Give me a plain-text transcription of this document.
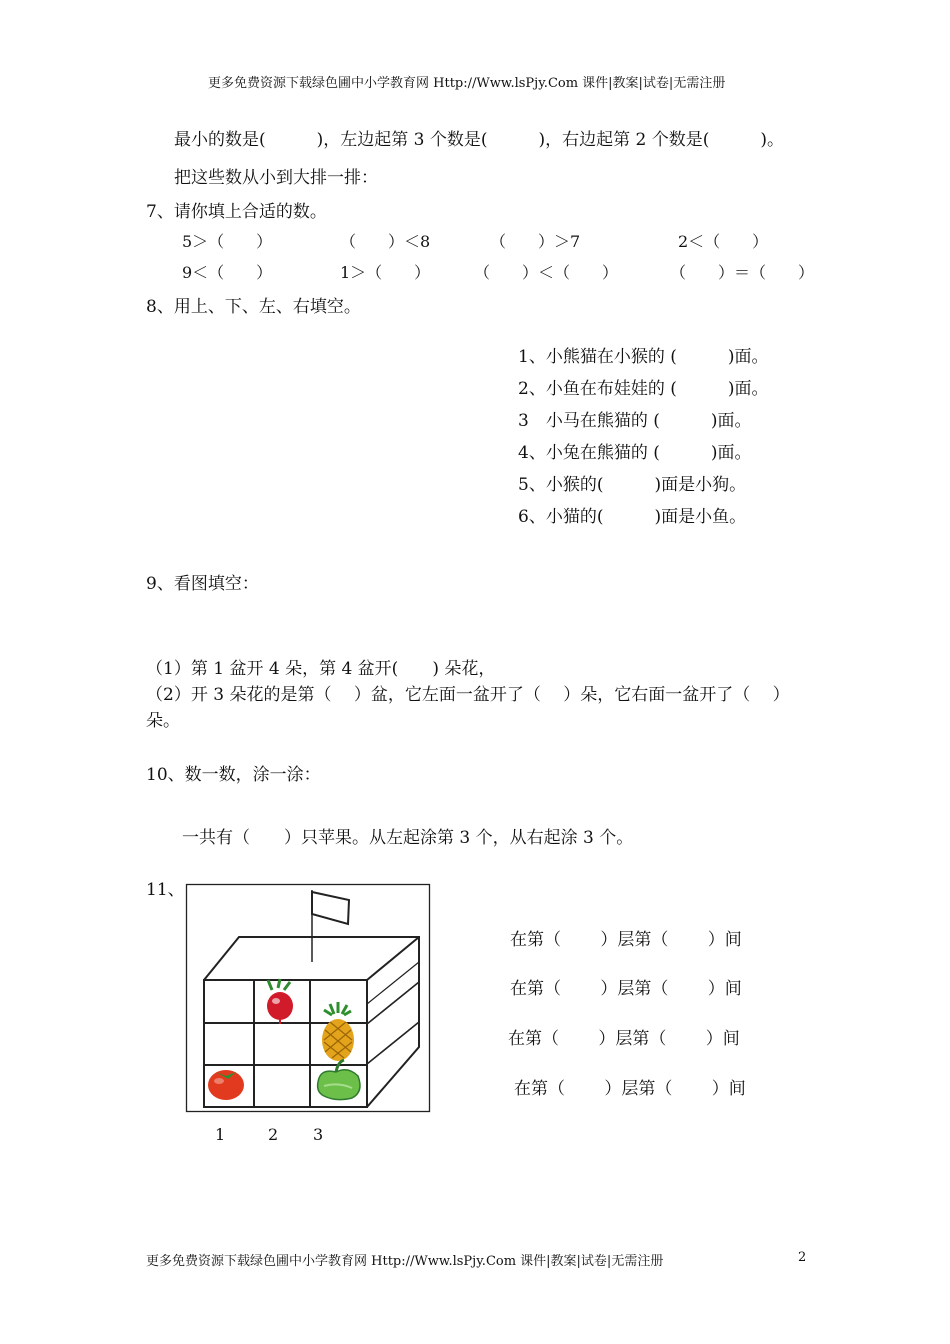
更多免费资源下载绿色圃中小学教育网 Http://Www.lsPjy.Com 课件|教案|试卷|无需注册
最小的数是(　　　)，左边起第 3 个数是(　　　)，右边起第 2 个数是(　　　)。
把这些数从小到大排一排：
7、请你填上合适的数。
5＞（　　）	（　　）＜8	（　　）＞7	2＜（　　）
9＜（　　）	1＞（　　）	（　　）＜（　　）	（　　）＝（　　）
8、用上、下、左、右填空。
1、小熊猫在小猴的 (　　　)面。
2、小鱼在布娃娃的 (　　　)面。
3　小马在熊猫的 (　　　)面。
4、小兔在熊猫的 (　　　)面。
5、小猴的(　　　)面是小狗。
6、小猫的(　　　)面是小鱼。
9、看图填空：
（1）第 1 盆开 4 朵，第 4 盆开(　　) 朵花，
（2）开 3 朵花的是第（　 ）盆，它左面一盆开了（　 ）朵，它右面一盆开了（　 ）
朵。
10、数一数，涂一涂：
一共有（　　）只苹果。从左起涂第 3 个，从右起涂 3 个。
11、
1	2 3
在第（　　 ）层第（　　 ）间
在第（　　 ）层第（　　 ）间
在第（　　 ）层第（　　 ）间
在第（　　 ）层第（　　 ）间
更多免费资源下载绿色圃中小学教育网 Http://Www.lsPjy.Com 课件|教案|试卷|无需注册	2
